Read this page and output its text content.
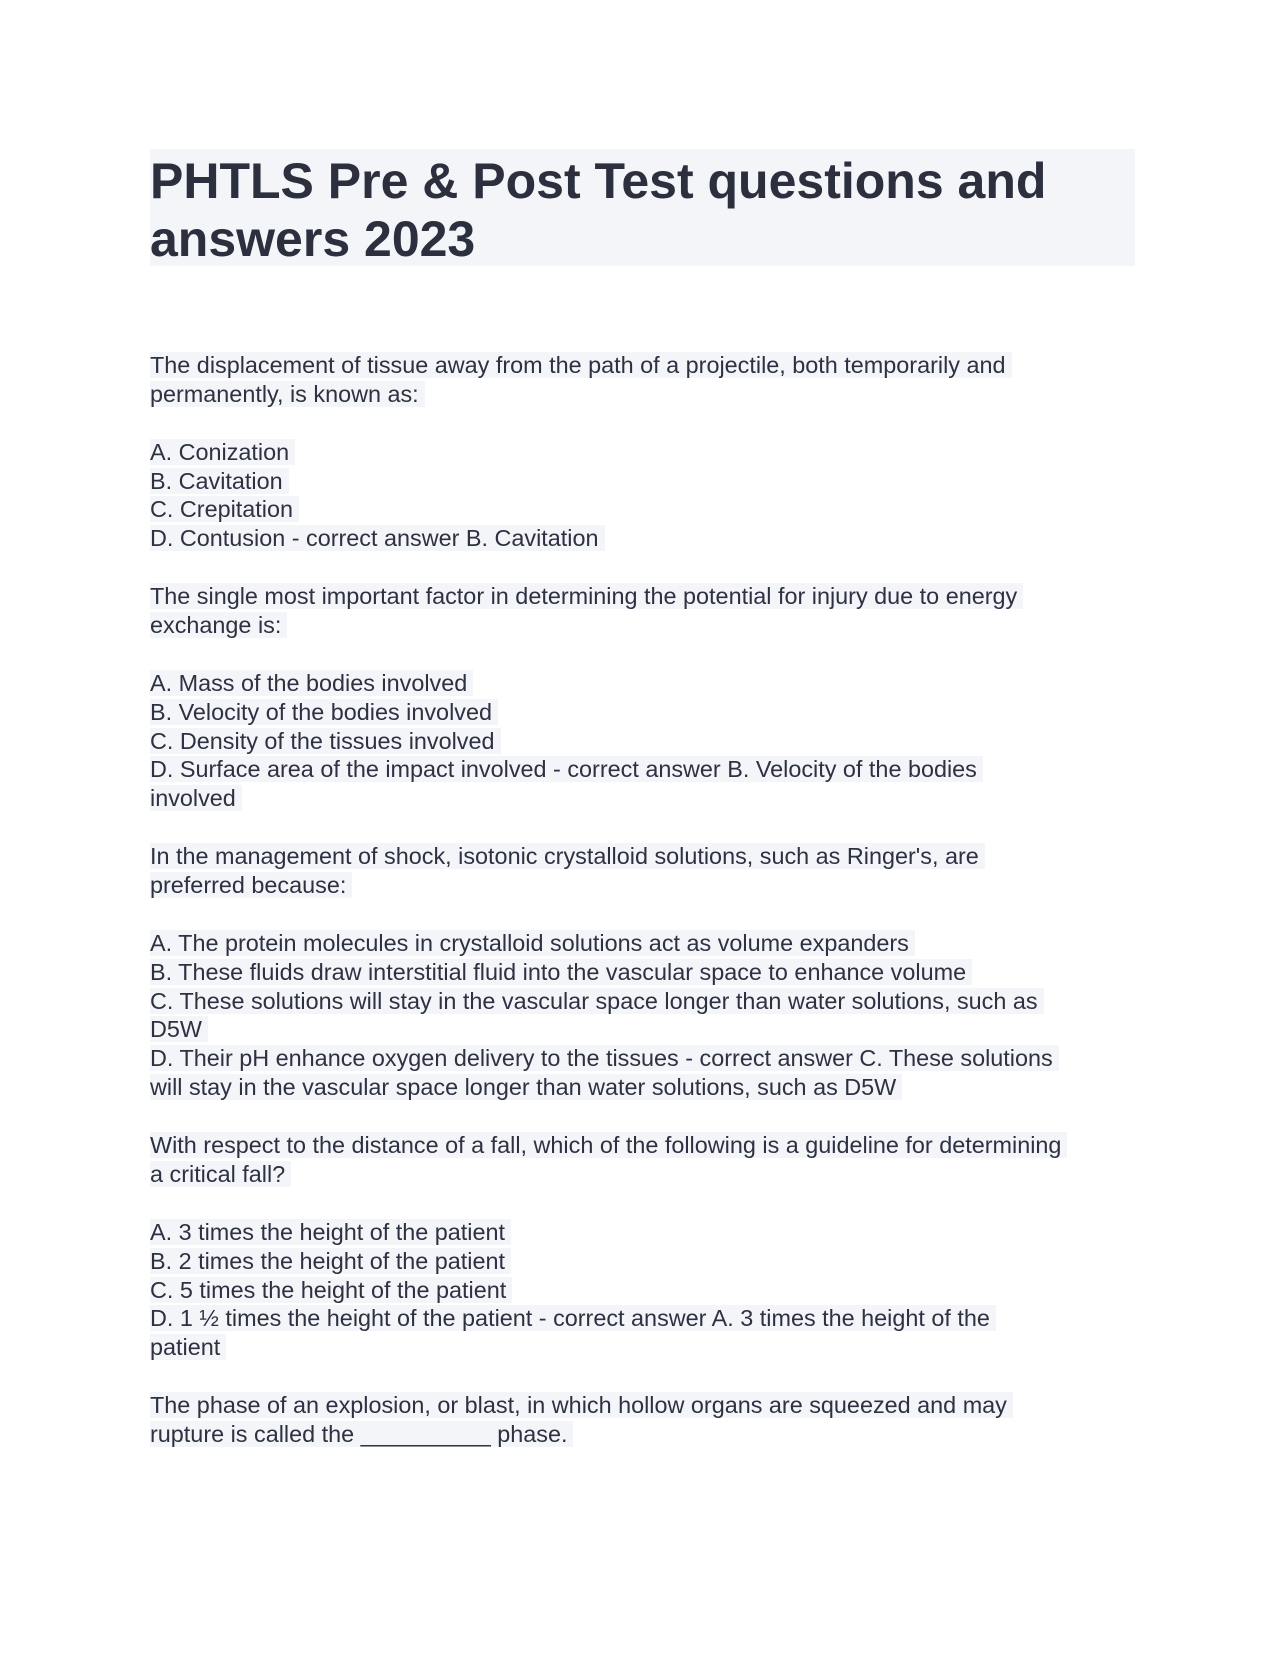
PHTLS Pre & Post Test questions and
answers 2023
The displacement of tissue away from the path of a projectile, both temporarily and
permanently, is known as:
A. Conization
B. Cavitation
C. Crepitation
D. Contusion - correct answer B. Cavitation
The single most important factor in determining the potential for injury due to energy
exchange is:
A. Mass of the bodies involved
B. Velocity of the bodies involved
C. Density of the tissues involved
D. Surface area of the impact involved - correct answer B. Velocity of the bodies
involved
In the management of shock, isotonic crystalloid solutions, such as Ringer's, are
preferred because:
A. The protein molecules in crystalloid solutions act as volume expanders
B. These fluids draw interstitial fluid into the vascular space to enhance volume
C. These solutions will stay in the vascular space longer than water solutions, such as
D5W
D. Their pH enhance oxygen delivery to the tissues - correct answer C. These solutions
will stay in the vascular space longer than water solutions, such as D5W
With respect to the distance of a fall, which of the following is a guideline for determining
a critical fall?
A. 3 times the height of the patient
B. 2 times the height of the patient
C. 5 times the height of the patient
D. 1 ½ times the height of the patient - correct answer A. 3 times the height of the
patient
The phase of an explosion, or blast, in which hollow organs are squeezed and may
rupture is called the __________ phase.
